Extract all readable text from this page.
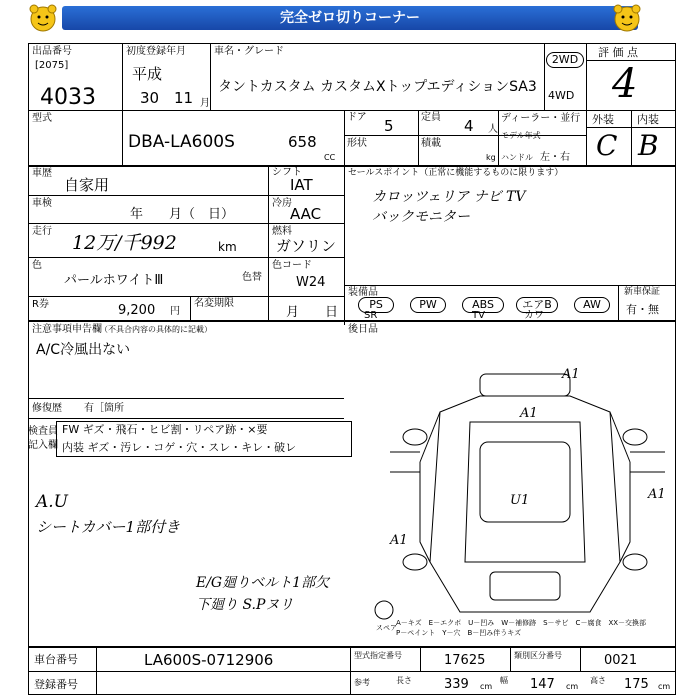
完全ゼロ切りコーナー
出品番号
[2075]
4033
初度登録年月
平成
30 11 月
車名・グレード
タントカスタム カスタムXトップエディションSA3
2WD
4WD
評 価 点
4
型式
DBA-LA600S	658
CC
ドア 5	定員 4 人
ディーラー・並行
形状	積載
kg
モデル年式
ハンドル 左・右
外装 内装
C B
車歴
自家用
車検
年　　月（　日）
走行
12万/千992	km
色
パールホワイトⅢ
R券	9,200 円
シフト
IAT
冷房
AAC
燃料
ガソリン
色替
色コード
W24
名変期限
月　　日
セールスポイント（正常に機能するものに限ります）
カロッツェリア ナビ TV
バックモニター
装備品
PS	PW	ABS	エアB	AW
SR	TV	カワ
新車保証
有・無
後日品
注意事項申告欄
（不具合内容の具体的に記載）
A/C冷風出ない
修復歴 有［箇所
検査員
記入欄
FW ギズ・飛石・ヒビ割・リペア跡・×要
内装 ギズ・汚レ・コゲ・穴・スレ・キレ・破レ
A.U
シートカバー1部付き
E/G廻りベルト1部欠
下廻り S.Pヌリ
A1
A1
U1	A1
A1
スペア
A－キズ　E－エクボ　U－凹み　W－補修跡　S－サビ　C－腐食　XX－交換部
P－ペイント　Y－穴　B－凹み伴うキズ
車台番号	LA600S-0712906
登録番号
型式指定番号	17625	類別区分番号	0021
参考	長さ 339 cm
幅 147 cm
高さ 175 cm
